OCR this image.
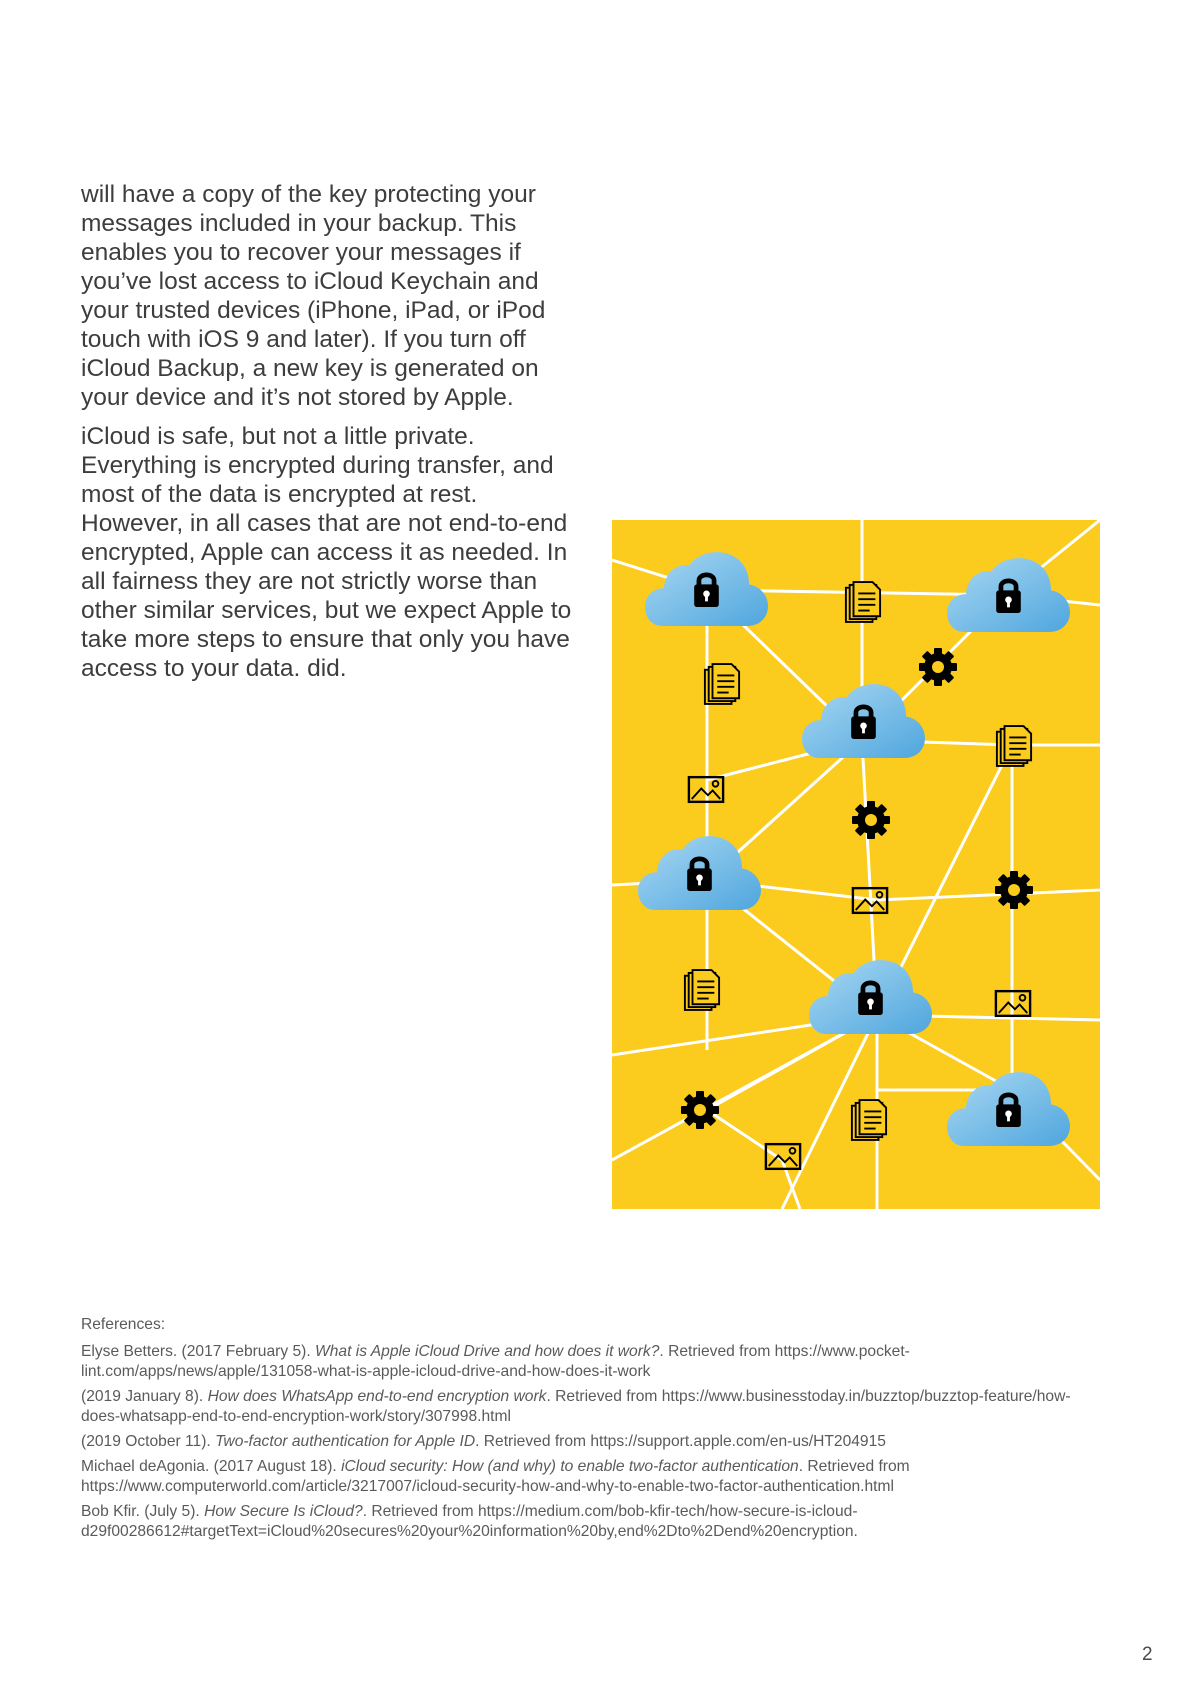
will have a copy of the key protecting your messages included in your backup. This enables you to recover your messages if you’ve lost access to iCloud Keychain and your trusted devices (iPhone, iPad, or iPod touch with iOS 9 and later). If you turn off iCloud Backup, a new key is generated on your device and it’s not stored by Apple.

iCloud is safe, but not a little private. Everything is encrypted during transfer, and most of the data is encrypted at rest. However, in all cases that are not end-to-end encrypted, Apple can access it as needed. In all fairness they are not strictly worse than other similar services, but we expect Apple to take more steps to ensure that only you have access to your data. did.

References:
Elyse Betters. (2017 February 5). What is Apple iCloud Drive and how does it work?. Retrieved from https://www.pocket-lint.com/apps/news/apple/131058-what-is-apple-icloud-drive-and-how-does-it-work
(2019 January 8). How does WhatsApp end-to-end encryption work. Retrieved from https://www.businesstoday.in/buzztop/buzztop-feature/how-does-whatsapp-end-to-end-encryption-work/story/307998.html
(2019 October 11). Two-factor authentication for Apple ID. Retrieved from https://support.apple.com/en-us/HT204915
Michael deAgonia. (2017 August 18). iCloud security: How (and why) to enable two-factor authentication. Retrieved from https://www.computerworld.com/article/3217007/icloud-security-how-and-why-to-enable-two-factor-authentication.html
Bob Kfir. (July 5). How Secure Is iCloud?. Retrieved from https://medium.com/bob-kfir-tech/how-secure-is-icloud-d29f00286612#targetText=iCloud%20secures%20your%20information%20by,end%2Dto%2Dend%20encryption.
2
